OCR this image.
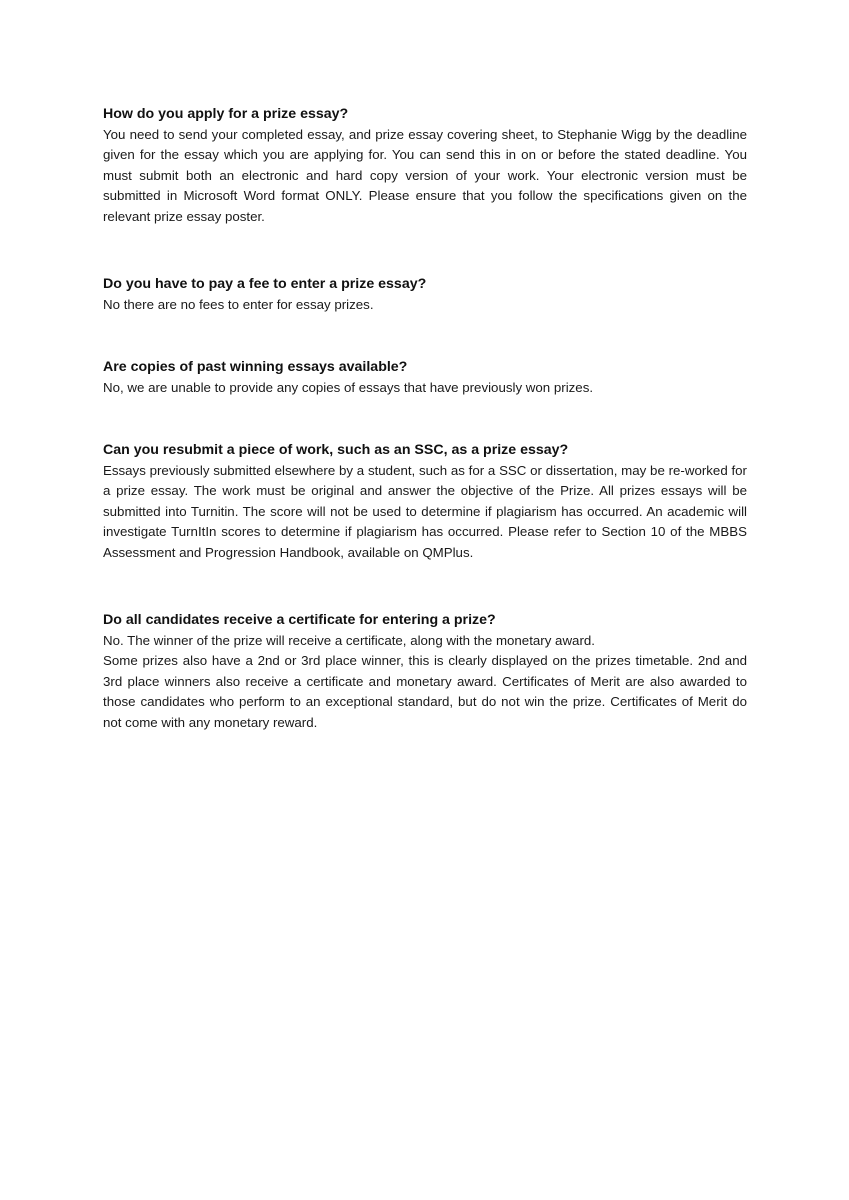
How do you apply for a prize essay?

You need to send your completed essay, and prize essay covering sheet, to Stephanie Wigg by the deadline given for the essay which you are applying for. You can send this in on or before the stated deadline. You must submit both an electronic and hard copy version of your work. Your electronic version must be submitted in Microsoft Word format ONLY. Please ensure that you follow the specifications given on the relevant prize essay poster.

Do you have to pay a fee to enter a prize essay?

No there are no fees to enter for essay prizes.

Are copies of past winning essays available?

No, we are unable to provide any copies of essays that have previously won prizes.

Can you resubmit a piece of work, such as an SSC, as a prize essay?

Essays previously submitted elsewhere by a student, such as for a SSC or dissertation, may be re-worked for a prize essay. The work must be original and answer the objective of the Prize. All prizes essays will be submitted into Turnitin. The score will not be used to determine if plagiarism has occurred. An academic will investigate TurnItIn scores to determine if plagiarism has occurred. Please refer to Section 10 of the MBBS Assessment and Progression Handbook, available on QMPlus.

Do all candidates receive a certificate for entering a prize?

No. The winner of the prize will receive a certificate, along with the monetary award.
Some prizes also have a 2nd or 3rd place winner, this is clearly displayed on the prizes timetable. 2nd and 3rd place winners also receive a certificate and monetary award. Certificates of Merit are also awarded to those candidates who perform to an exceptional standard, but do not win the prize. Certificates of Merit do not come with any monetary reward.
